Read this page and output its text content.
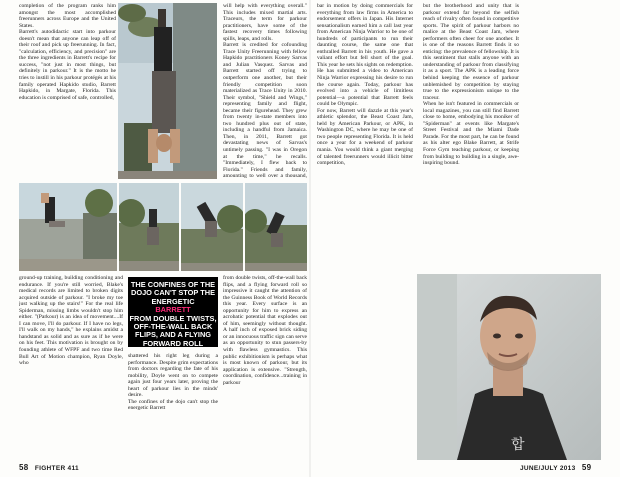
completion of the program ranks him amongst the most accomplished freerunners across Europe and the United States.
Barrett's autodidactic start into parkour doesn't mean that anyone can leap off of their roof and pick up freerunning. In fact, "calculation, efficiency, and precision" are the three ingredients in Barrett's recipe for success, "not just in most things, but definitely in parkour." It is the motto he tries to instill in his parkour protégés at his family operated Hapkido studio, Barrett Hapkido, in Margate, Florida. This education is comprised of safe, controlled,

ground-up training, building conditioning and endurance. If you're still worried, Blake's medical records are limited to broken digits acquired outside of parkour. "I broke my toe just walking up the stairs!" For the real life Spiderman, missing limbs wouldn't stop him either. "(Parkour) is an idea of movement....If I can move, I'll do parkour. If I have no legs, I'll walk on my hands," he explains amidst a handstand as solid and as sure as if he were on his feet. This motivation is brought on by founding athlete of WFPF and two time Red Bull Art of Motion champion, Ryan Doyle, who

THE CONFINES OF THE DOJO CAN'T STOP THE ENERGETIC
BARRETT
FROM DOUBLE TWISTS, OFF-THE-WALL BACK FLIPS, AND A FLYING FORWARD ROLL

shattered his right leg during a performance. Despite grim expectations from doctors regarding the fate of his mobility, Doyle went on to compete again just four years later, proving the heart of parkour lies in the minds' desire.
The confines of the dojo can't stop the energetic Barrett

from double twists, off-the-wall back flips, and a flying forward roll so impressive it caught the attention of the Guinness Book of World Records this year. Every surface is an opportunity for him to express an acrobatic potential that explodes out of him, seemingly without thought. A half inch of exposed brick siding or an innocuous traffic sign can serve as an opportunity to stun passers-by with flawless gymnastics. This public exhibitionism is perhaps what is most known of parkour, but its application is extensive. "Strength, coordination, confidence...training in parkour

will help with everything overall." This includes mixed martial arts. Traceurs, the term for parkour practitioners, have some of the fastest recovery times following spills, leaps, and rolls.
Barrett is credited for cofounding Trace Unity Freerunning with fellow Hapkido practitioners Koney Sarvas and Julian Vasquez. Sarvas and Barrett started off trying to outperform one another, but their friendly competition soon materialized as Trace Unity in 2010. Their symbol, "Shield and Wings," representing family and flight, became their figurehead. They grew from twenty in-state members into two hundred plus out of state, including a handful from Jamaica. Then, in 2011, Barrett got devastating news of Sarvas's untimely passing. "I was in Oregon at the time," he recalls. "Immediately, I flew back to Florida." Friends and family, amounting to well over a thousand,

58 FIGHTER 411

bar in motion by doing commercials for everything from law firms in America to endorsement offers in Japan. His Internet sensationalism earned him a call last year from American Ninja Warrior to be one of hundreds of participants to run their daunting course, the same one that enthralled Barrett in his youth. He gave a valiant effort but fell short of the goal. This year he sets his sights on redemption. He has submitted a video to American Ninja Warrior expressing his desire to run the course again. Today, parkour has evolved into a vehicle of limitless potential—a potential that Barrett feels could be Olympic.
For now, Barrett will dazzle at this year's athletic splendor, the Beast Coast Jam, held by American Parkour, or APK, in Washington DC, where he may be one of two people representing Florida. It is held once a year for a weekend of parkour mania. You would think a giant merging of talented freerunners would illicit bitter competition,

but the brotherhood and unity that is parkour extend far beyond the selfish reach of rivalry often found in competitive sports. The spirit of parkour harbors no malice at the Beast Coast Jam, where performers often cheer for one another. It is one of the reasons Barrett finds it so enticing: the prevalence of fellowship. It is this sentiment that stalls anyone with an understanding of parkour from classifying it as a sport. The APK is a leading force behind keeping the essence of parkour unblemished by competition by staying true to the expressionism unique to the traceur.
When he isn't featured in commercials or local magazines, you can still find Barrett close to home, embodying his moniker of "Spiderman" at events like Margate's Street Festival and the Miami Dade Parade. For the most part, he can be found as his alter ego Blake Barrett, at Strife Force Gym teaching parkour, or keeping from building to building in a single, awe-inspiring bound.

합
JUNE/JULY 2013 59
